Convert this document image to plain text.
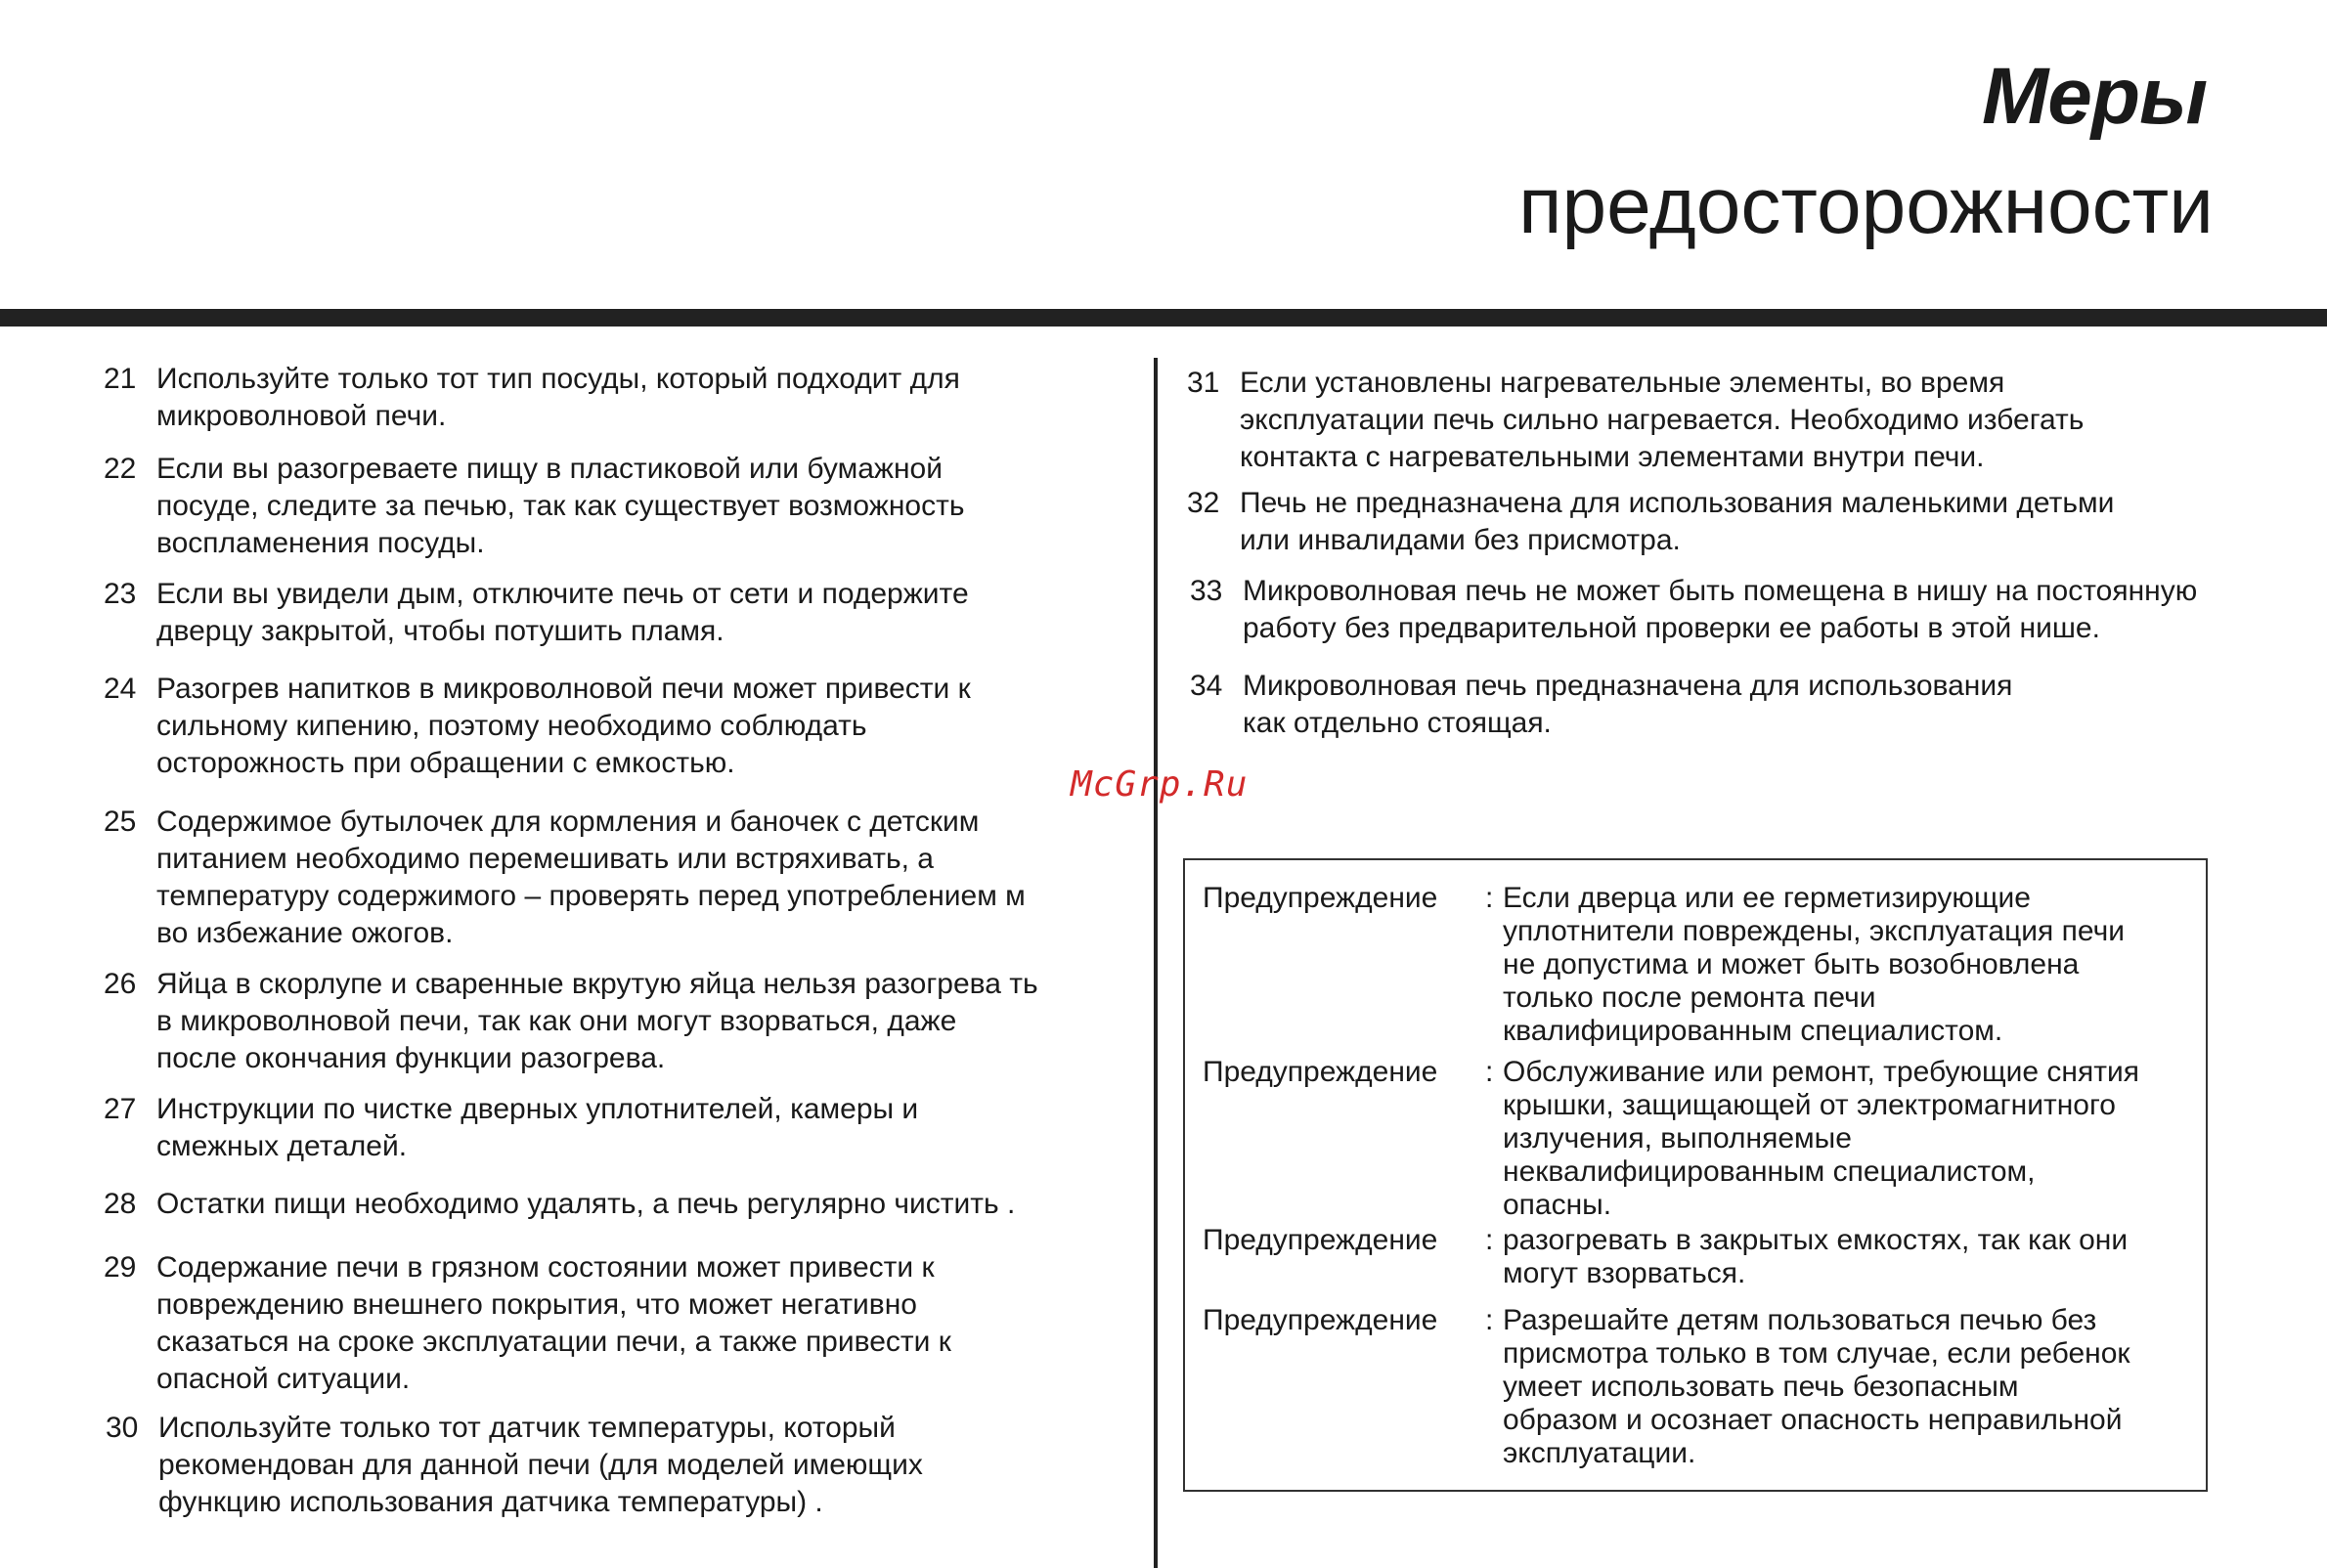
Меры
предосторожности
21 Используйте только тот тип посуды, который подходит для
микроволновой печи.
22 Если вы разогреваете пищу в пластиковой или бумажной
посуде, следите за печью, так как существует возможность
воспламенения посуды.
23 Если вы увидели дым, отключите печь от сети и подержите
дверцу закрытой, чтобы потушить пламя.
24 Разогрев напитков в микроволновой печи может привести к
сильному кипению, поэтому необходимо соблюдать
осторожность при обращении с емкостью.
25 Содержимое бутылочек для кормления и баночек с детским
питанием необходимо перемешивать или встряхивать, а
температуру содержимого – проверять перед употреблением м
во избежание ожогов.
26 Яйца в скорлупе и сваренные вкрутую яйца нельзя разогрева ть
в микроволновой печи, так как они могут взорваться, даже
после окончания функции разогрева.
27 Инструкции по чистке дверных уплотнителей, камеры и
смежных деталей.
28 Остатки пищи необходимо удалять, а печь регулярно чистить .
29 Содержание печи в грязном состоянии может привести к
повреждению внешнего покрытия, что может негативно
сказаться на сроке эксплуатации печи, а также привести к
опасной ситуации.
30 Используйте только тот датчик температуры, который
рекомендован для данной печи (для моделей имеющих
функцию использования датчика температуры) .
31 Если установлены нагревательные элементы, во время
эксплуатации печь сильно нагревается. Необходимо избегать
контакта с нагревательными элементами внутри печи.
32 Печь не предназначена для использования маленькими детьми
или инвалидами без присмотра.
33 Микроволновая печь не может быть помещена в нишу на постоянную
работу без предварительной проверки ее работы в этой нише.
34 Микроволновая печь предназначена для использования
как отдельно стоящая.
McGrp.Ru
Предупреждение : Если дверца или ее герметизирующие
уплотнители повреждены, эксплуатация печи
не допустима и может быть возобновлена
только после ремонта печи
квалифицированным специалистом.
Предупреждение : Обслуживание или ремонт, требующие снятия
крышки, защищающей от электромагнитного
излучения, выполняемые
неквалифицированным специалистом,
опасны.
Предупреждение : разогревать в закрытых емкостях, так как они
могут взорваться.
Предупреждение : Разрешайте детям пользоваться печью без
присмотра только в том случае, если ребенок
умеет использовать печь безопасным
образом и осознает опасность неправильной
эксплуатации.
